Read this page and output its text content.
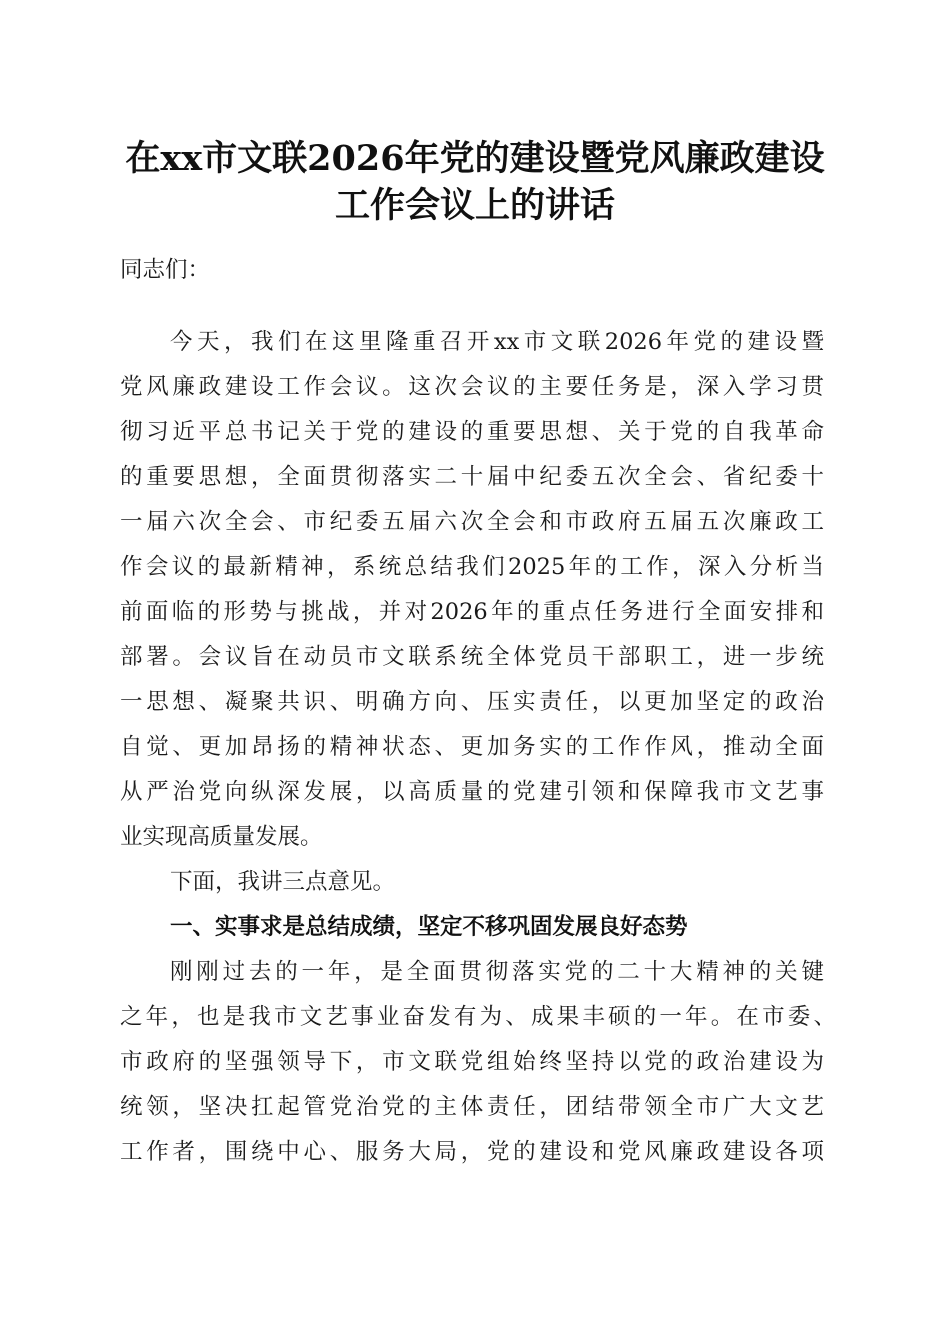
在xx市文联2026年党的建设暨党风廉政建设
工作会议上的讲话
同志们：
今天，我们在这里隆重召开xx市文联2026年党的建设暨
党风廉政建设工作会议。这次会议的主要任务是，深入学习贯
彻习近平总书记关于党的建设的重要思想、关于党的自我革命
的重要思想，全面贯彻落实二十届中纪委五次全会、省纪委十
一届六次全会、市纪委五届六次全会和市政府五届五次廉政工
作会议的最新精神，系统总结我们2025年的工作，深入分析当
前面临的形势与挑战，并对2026年的重点任务进行全面安排和
部署。会议旨在动员市文联系统全体党员干部职工，进一步统
一思想、凝聚共识、明确方向、压实责任，以更加坚定的政治
自觉、更加昂扬的精神状态、更加务实的工作作风，推动全面
从严治党向纵深发展，以高质量的党建引领和保障我市文艺事
业实现高质量发展。
下面，我讲三点意见。
一、实事求是总结成绩，坚定不移巩固发展良好态势
刚刚过去的一年，是全面贯彻落实党的二十大精神的关键
之年，也是我市文艺事业奋发有为、成果丰硕的一年。在市委、
市政府的坚强领导下，市文联党组始终坚持以党的政治建设为
统领，坚决扛起管党治党的主体责任，团结带领全市广大文艺
工作者，围绕中心、服务大局，党的建设和党风廉政建设各项
